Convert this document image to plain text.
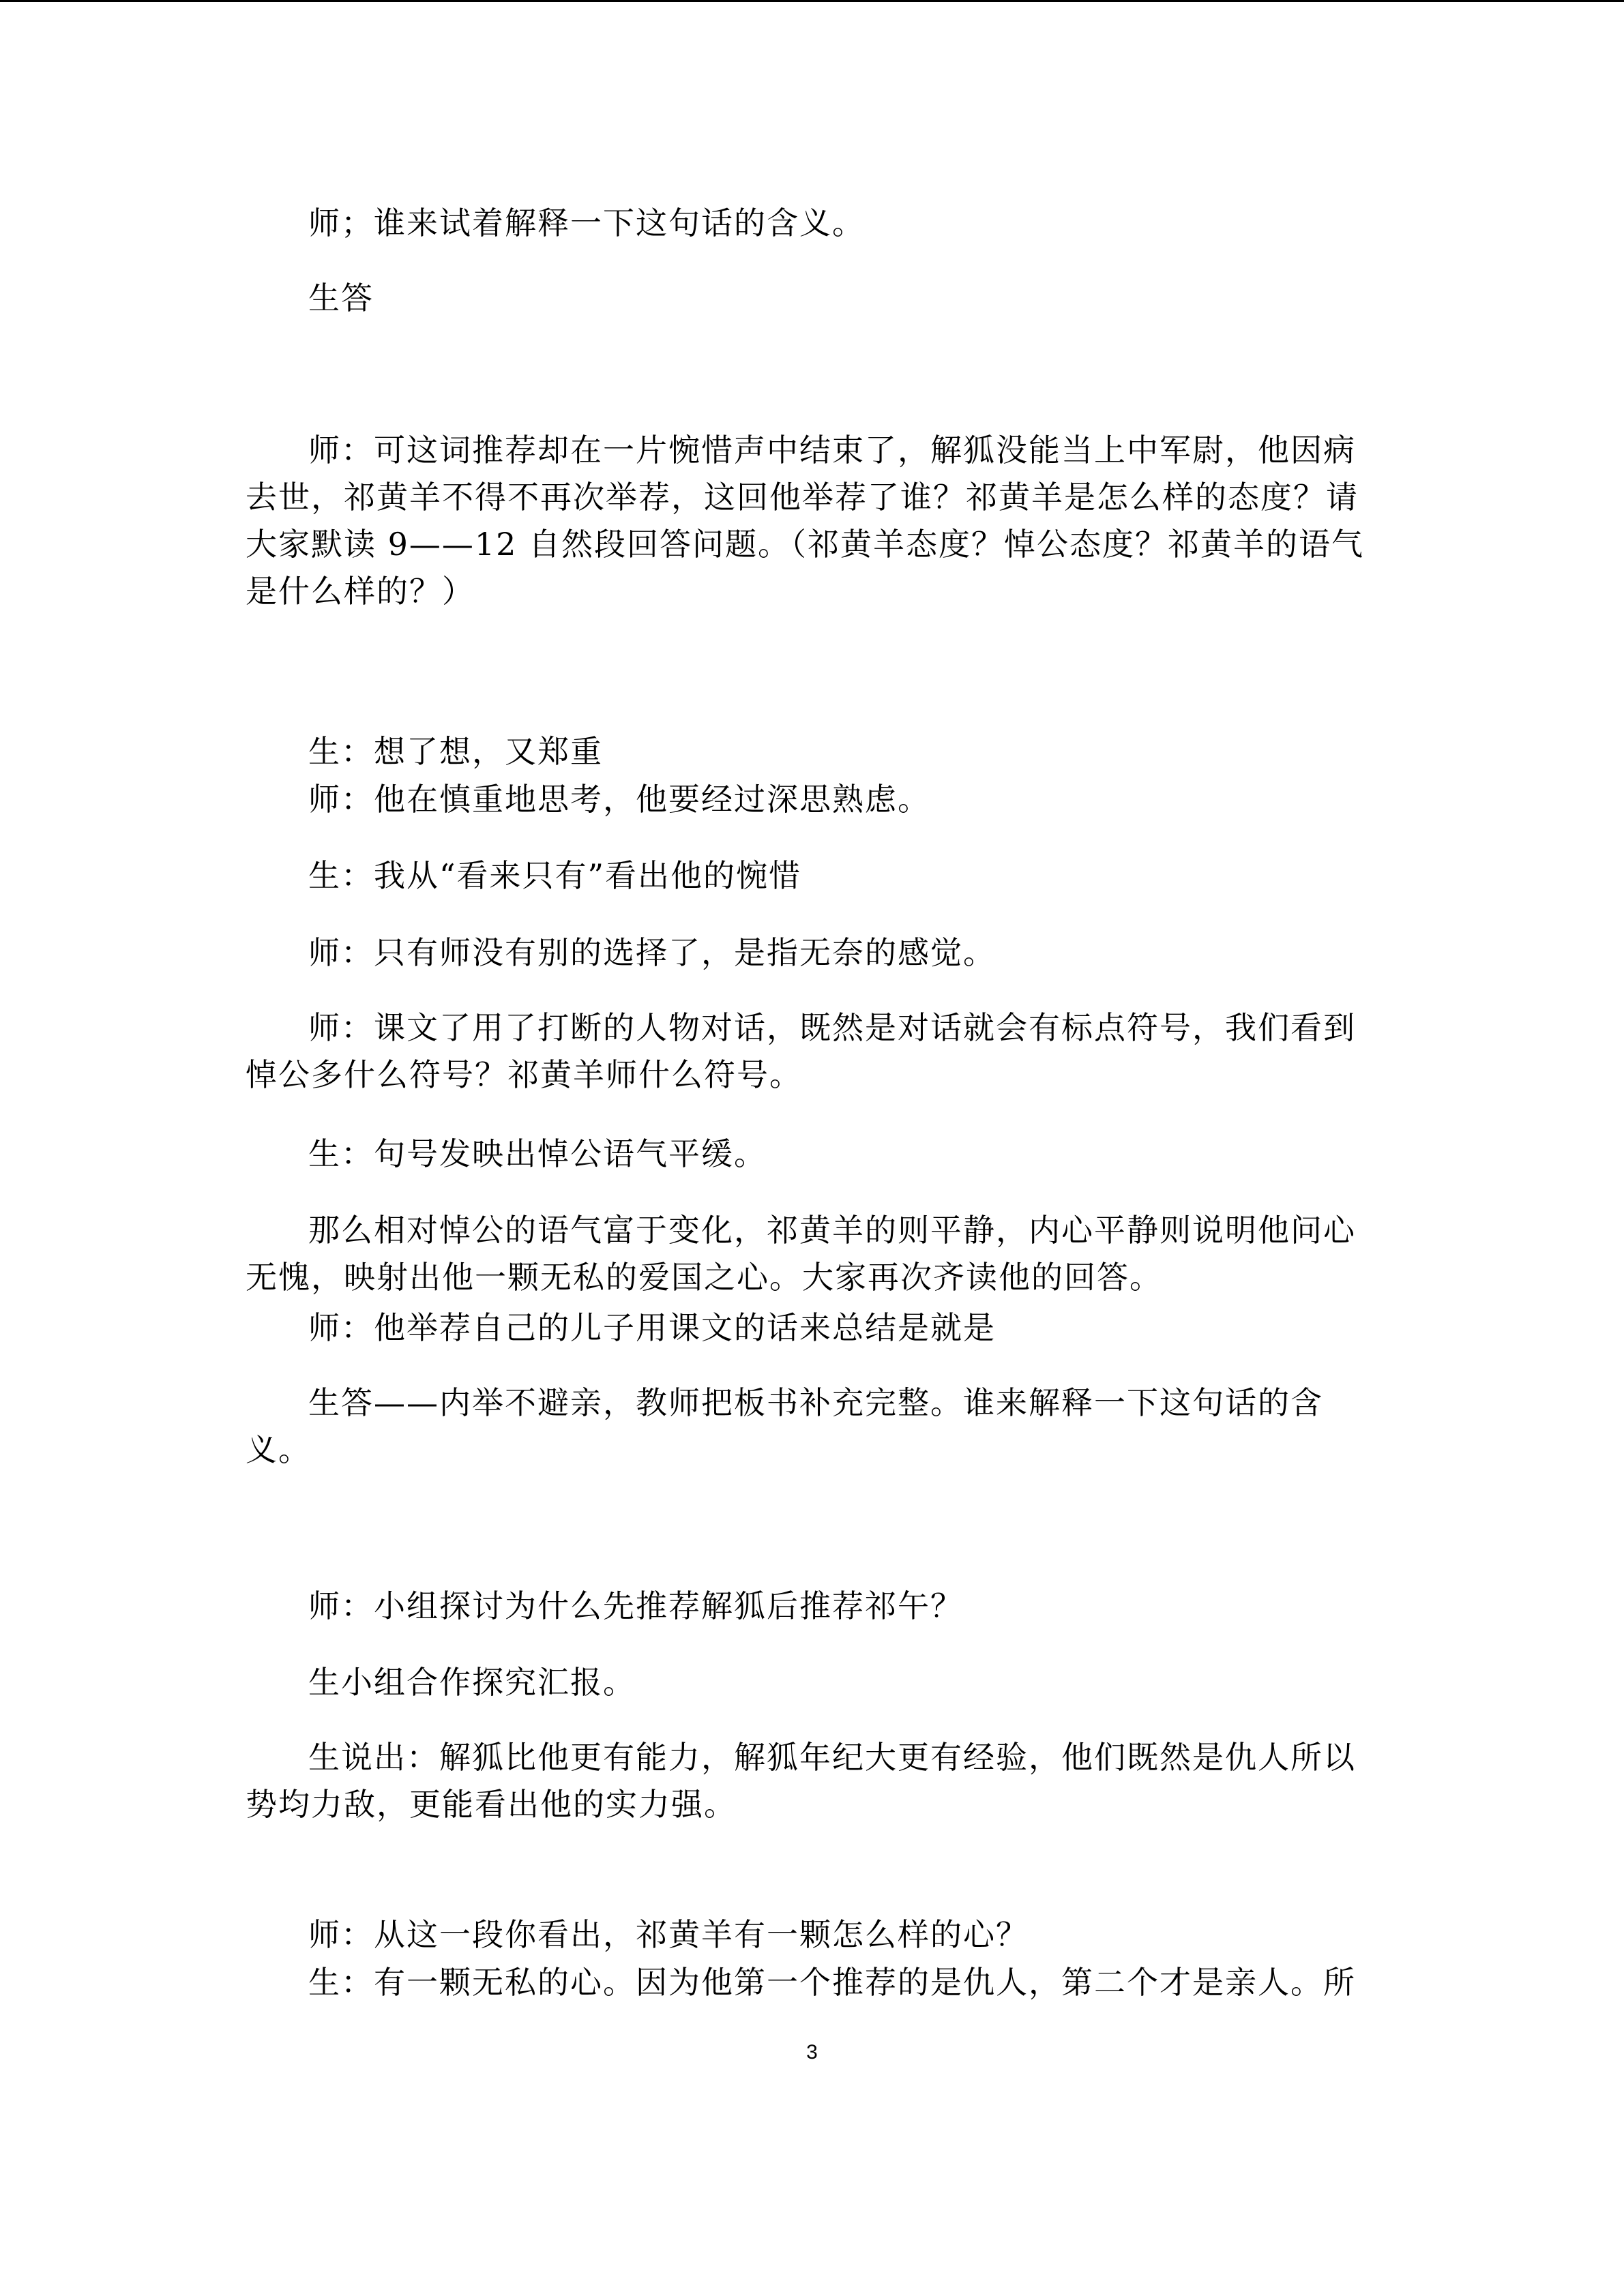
师；谁来试着解释一下这句话的含义。

生答

师：可这词推荐却在一片惋惜声中结束了，解狐没能当上中军尉，他因病去世，祁黄羊不得不再次举荐，这回他举荐了谁？祁黄羊是怎么样的态度？请大家默读 9——12 自然段回答问题。（祁黄羊态度？悼公态度？祁黄羊的语气是什么样的？）

生：想了想，又郑重

师：他在慎重地思考，他要经过深思熟虑。

生：我从“看来只有”看出他的惋惜

师：只有师没有别的选择了，是指无奈的感觉。

师：课文了用了打断的人物对话，既然是对话就会有标点符号，我们看到悼公多什么符号？祁黄羊师什么符号。

生：句号发映出悼公语气平缓。

那么相对悼公的语气富于变化，祁黄羊的则平静，内心平静则说明他问心无愧，映射出他一颗无私的爱国之心。大家再次齐读他的回答。

师：他举荐自己的儿子用课文的话来总结是就是

生答——内举不避亲，教师把板书补充完整。谁来解释一下这句话的含义。

师：小组探讨为什么先推荐解狐后推荐祁午？

生小组合作探究汇报。

生说出：解狐比他更有能力，解狐年纪大更有经验，他们既然是仇人所以势均力敌，更能看出他的实力强。

师：从这一段你看出，祁黄羊有一颗怎么样的心？

生：有一颗无私的心。因为他第一个推荐的是仇人，第二个才是亲人。所

3
